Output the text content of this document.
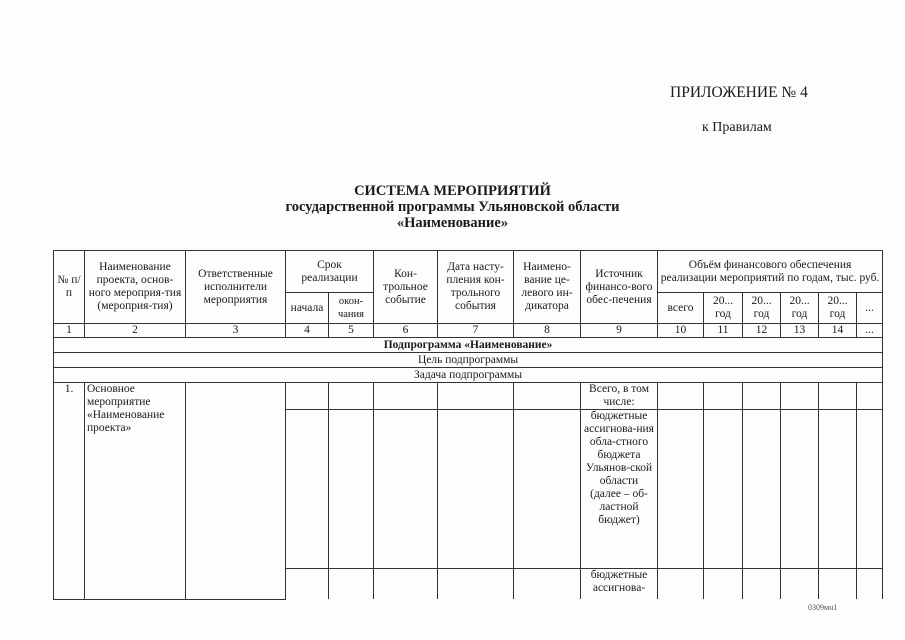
ПРИЛОЖЕНИЕ № 4
к Правилам
СИСТЕМА МЕРОПРИЯТИЙ
государственной программы Ульяновской области
«Наименование»
№ п/п	Наименование проекта, основ-ного мероприя-тия (мероприя-тия)	Ответственные исполнители мероприятия	Срок реализации		Кон-трольное событие	Дата насту-пления кон-трольного события	Наимено-вание це-левого ин-дикатора	Источник финансо-вого обес-печения	Объём финансового обеспечения реализации мероприятий по годам, тыс. руб.					
			начала	окон-чания					всего	20... год	20... год	20... год	20... год	...
1	2	3	4	5	6	7	8	9	10	11	12	13	14	...
Подпрограмма «Наименование»														
Цель подпрограммы														
Задача подпрограммы														
1.	Основное мероприятие «Наименование проекта»							Всего, в том числе:						
								бюджетные ассигнова-ния обла-стного бюджета Ульянов-ской области (далее – об-ластной бюджет)						
								бюджетные ассигнова-						
0309мн1
